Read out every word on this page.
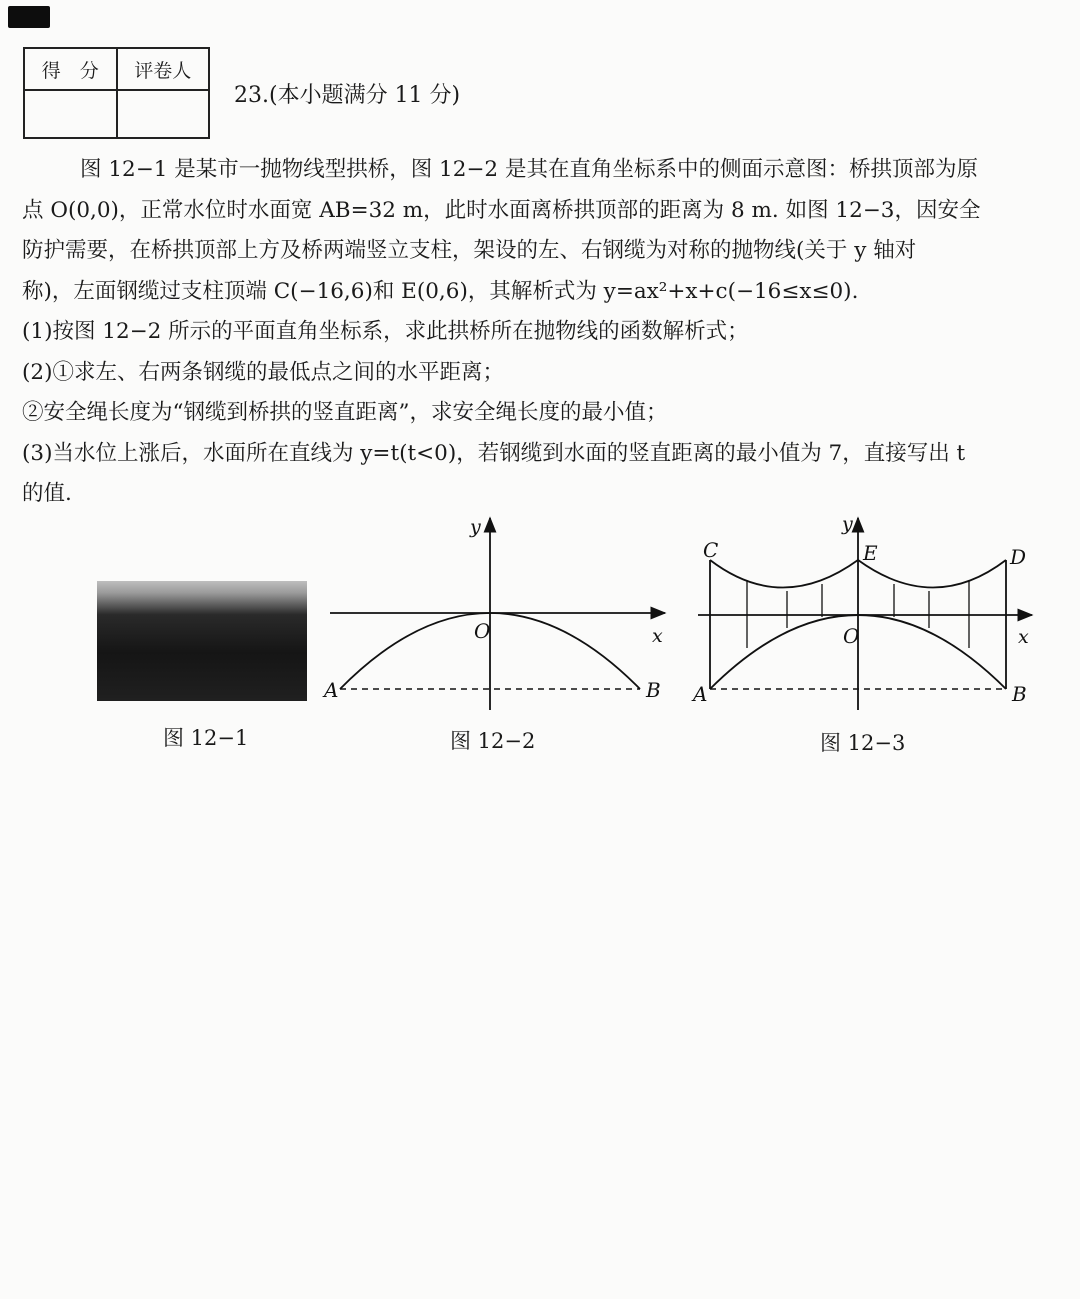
得　分	评卷人

23.(本小题满分 11 分)

图 12−1 是某市一抛物线型拱桥，图 12−2 是其在直角坐标系中的侧面示意图：桥拱顶部为原

点 O(0,0)，正常水位时水面宽 AB=32 m，此时水面离桥拱顶部的距离为 8 m. 如图 12−3，因安全

防护需要，在桥拱顶部上方及桥两端竖立支柱，架设的左、右钢缆为对称的抛物线(关于 y 轴对

称)，左面钢缆过支柱顶端 C(−16,6)和 E(0,6)，其解析式为 y=ax²+x+c(−16≤x≤0).

(1)按图 12−2 所示的平面直角坐标系，求此拱桥所在抛物线的函数解析式；

(2)①求左、右两条钢缆的最低点之间的水平距离；

②安全绳长度为“钢缆到桥拱的竖直距离”，求安全绳长度的最小值；

(3)当水位上涨后，水面所在直线为 y=t(t<0)，若钢缆到水面的竖直距离的最小值为 7，直接写出 t

的值.

图 12−1	图 12−2	图 12−3
y
x
O
A	B
y
x
O
A	B
C	D
E
